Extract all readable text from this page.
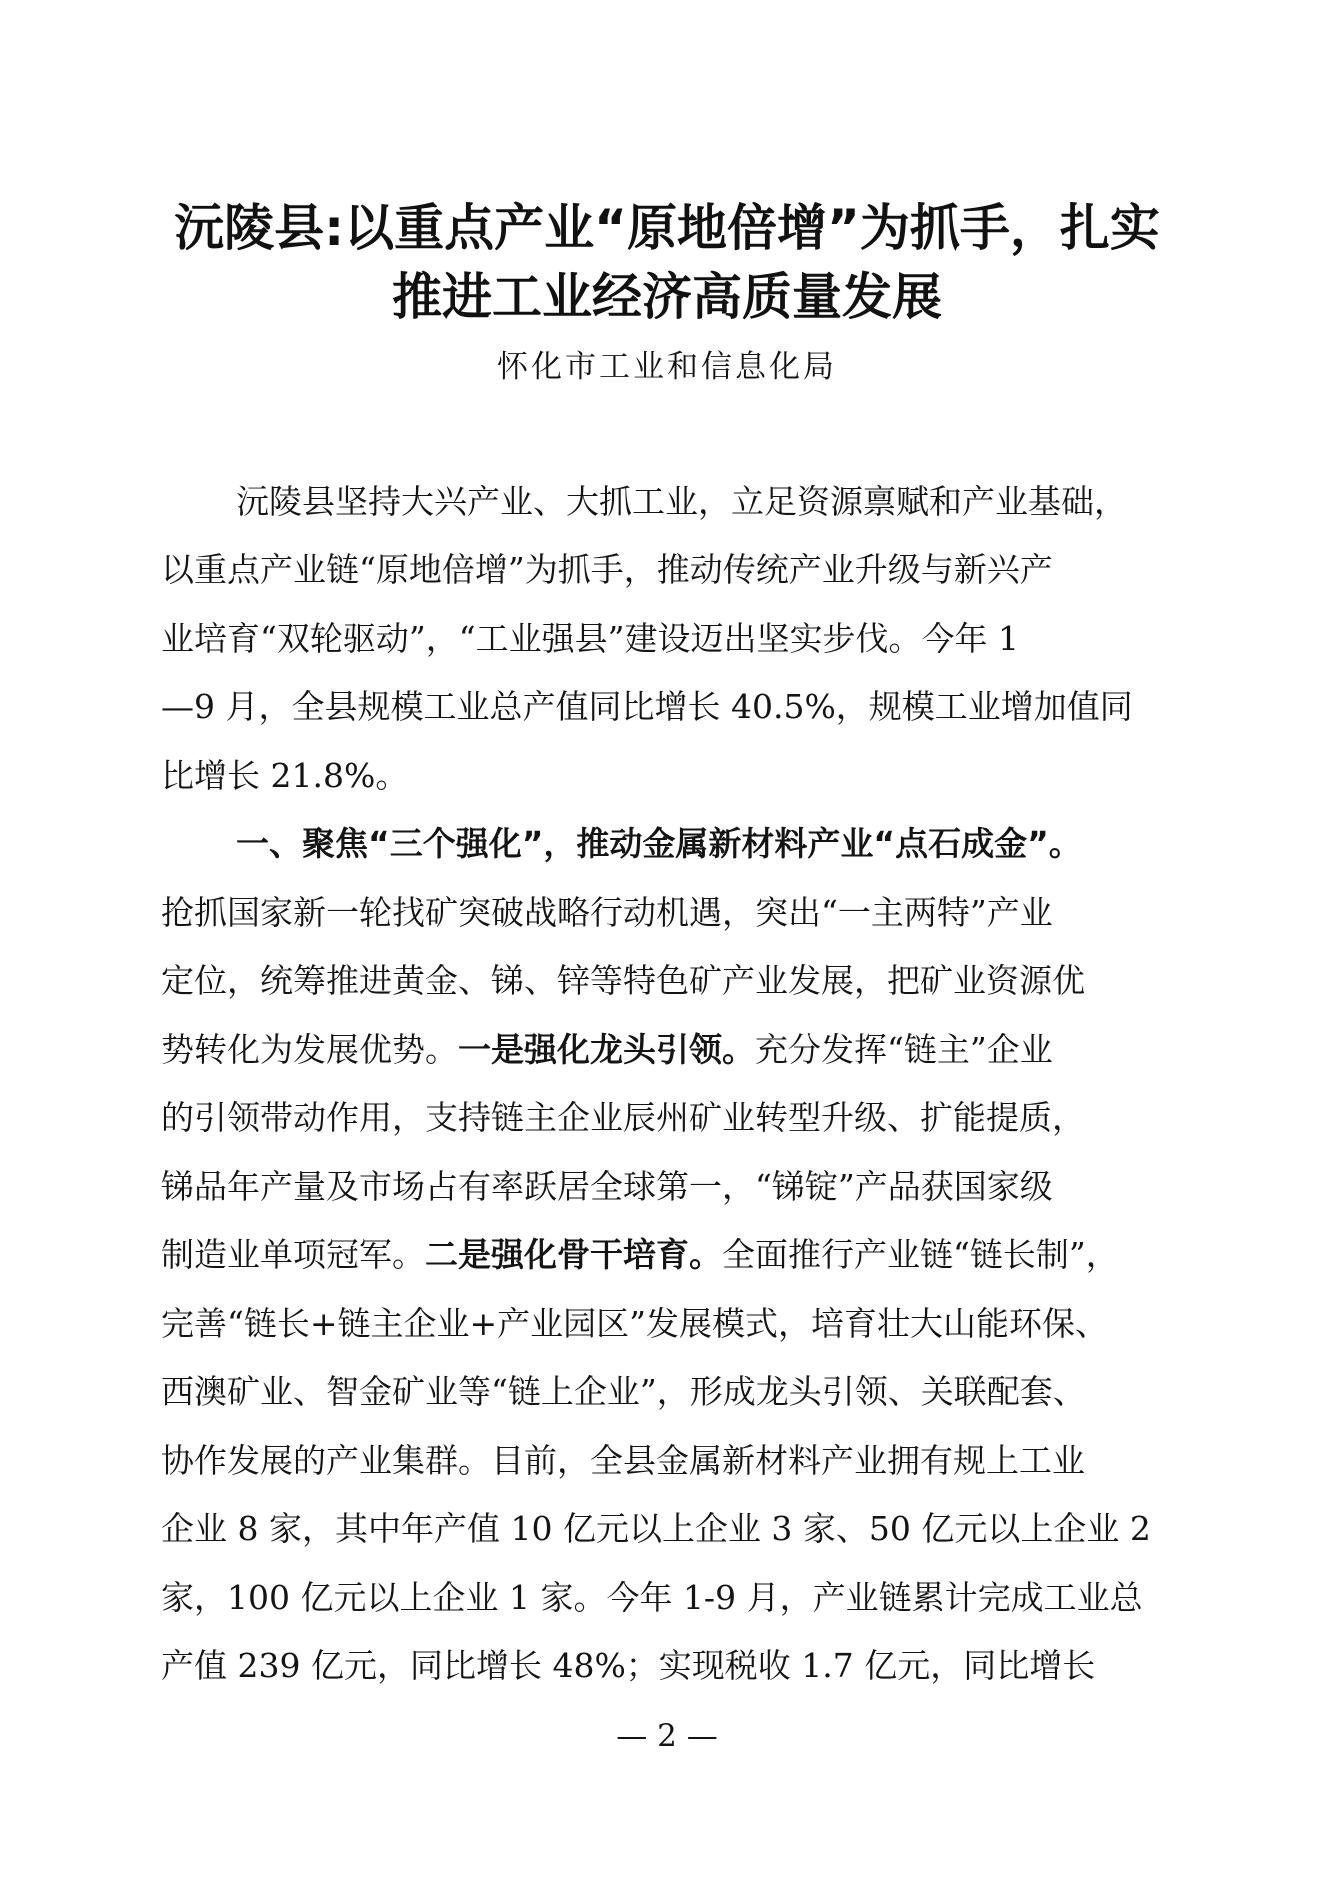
沅陵县:以重点产业“原地倍增”为抓手，扎实
推进工业经济高质量发展
怀化市工业和信息化局
沅陵县坚持大兴产业、大抓工业，立足资源禀赋和产业基础，
以重点产业链“原地倍增”为抓手，推动传统产业升级与新兴产
业培育“双轮驱动”，“工业强县”建设迈出坚实步伐。今年 1
—9 月，全县规模工业总产值同比增长 40.5%，规模工业增加值同
比增长 21.8%。
一、聚焦“三个强化”，推动金属新材料产业“点石成金”。
抢抓国家新一轮找矿突破战略行动机遇，突出“一主两特”产业
定位，统筹推进黄金、锑、锌等特色矿产业发展，把矿业资源优
势转化为发展优势。一是强化龙头引领。充分发挥“链主”企业
的引领带动作用，支持链主企业辰州矿业转型升级、扩能提质，
锑品年产量及市场占有率跃居全球第一，“锑锭”产品获国家级
制造业单项冠军。二是强化骨干培育。全面推行产业链“链长制”，
完善“链长+链主企业+产业园区”发展模式，培育壮大山能环保、
西澳矿业、智金矿业等“链上企业”，形成龙头引领、关联配套、
协作发展的产业集群。目前，全县金属新材料产业拥有规上工业
企业 8 家，其中年产值 10 亿元以上企业 3 家、50 亿元以上企业 2
家，100 亿元以上企业 1 家。今年 1-9 月，产业链累计完成工业总
产值 239 亿元，同比增长 48%；实现税收 1.7 亿元，同比增长
— 2 —
